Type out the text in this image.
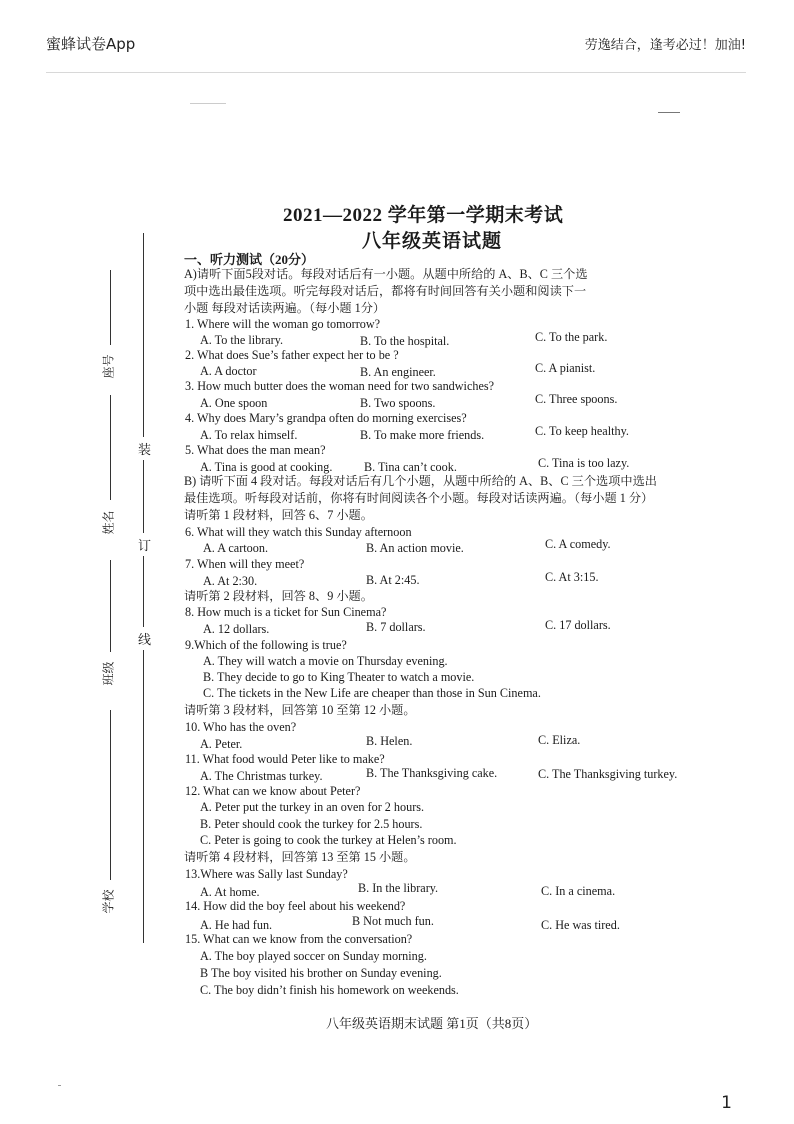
蜜蜂试卷App	劳逸结合，逢考必过！加油!
装
订
线
座号
姓名
班级
学校
2021—2022 学年第一学期末考试
八年级英语试题
一、听力测试（20分）
A)请听下面5段对话。每段对话后有一小题。从题中所给的 A、B、C 三个选
项中选出最佳选项。听完每段对话后，都将有时间回答有关小题和阅读下一
小题 每段对话读两遍。（每小题 1分）
1. Where will the woman go tomorrow?
A. To the library.	B. To the hospital.	C. To the park.
2. What does Sue’s father expect her to be ?
A. A doctor	B. An engineer.	C. A pianist.
3. How much butter does the woman need for two sandwiches?
A. One spoon	B. Two spoons.	C. Three spoons.
4. Why does Mary’s grandpa often do morning exercises?
A. To relax himself.	B. To make more friends.	C. To keep healthy.
5. What does the man mean?
A. Tina is good at cooking.	B. Tina can’t cook.	C. Tina is too lazy.
B) 请听下面 4 段对话。每段对话后有几个小题，从题中所给的 A、B、C 三个选项中选出
最佳选项。听每段对话前，你将有时间阅读各个小题。每段对话读两遍。（每小题 1 分）
请听第 1 段材料，回答 6、7 小题。
6. What will they watch this Sunday afternoon
A. A cartoon.	B. An action movie.	C. A comedy.
7. When will they meet?
A. At 2:30.	B. At 2:45.	C. At 3:15.
请听第 2 段材料，回答 8、9 小题。
8. How much is a ticket for Sun Cinema?
A. 12 dollars.	B. 7 dollars.	C. 17 dollars.
9.Which of the following is true?
A. They will watch a movie on Thursday evening.
B. They decide to go to King Theater to watch a movie.
C. The tickets in the New Life are cheaper than those in Sun Cinema.
请听第 3 段材料，回答第 10 至第 12 小题。
10. Who has the oven?
A. Peter.	B. Helen.	C. Eliza.
11. What food would Peter like to make?
A. The Christmas turkey.	B. The Thanksgiving cake.	C. The Thanksgiving turkey.
12. What can we know about Peter?
A. Peter put the turkey in an oven for 2 hours.
B. Peter should cook the turkey for 2.5 hours.
C. Peter is going to cook the turkey at Helen’s room.
请听第 4 段材料，回答第 13 至第 15 小题。
13.Where was Sally last Sunday?
A. At home.	B. In the library.	C. In a cinema.
14. How did the boy feel about his weekend?
A. He had fun.	B Not much fun.	C. He was tired.
15. What can we know from the conversation?
A. The boy played soccer on Sunday morning.
B The boy visited his brother on Sunday evening.
C. The boy didn’t finish his homework on weekends.
八年级英语期末试题 第1页（共8页）
1
